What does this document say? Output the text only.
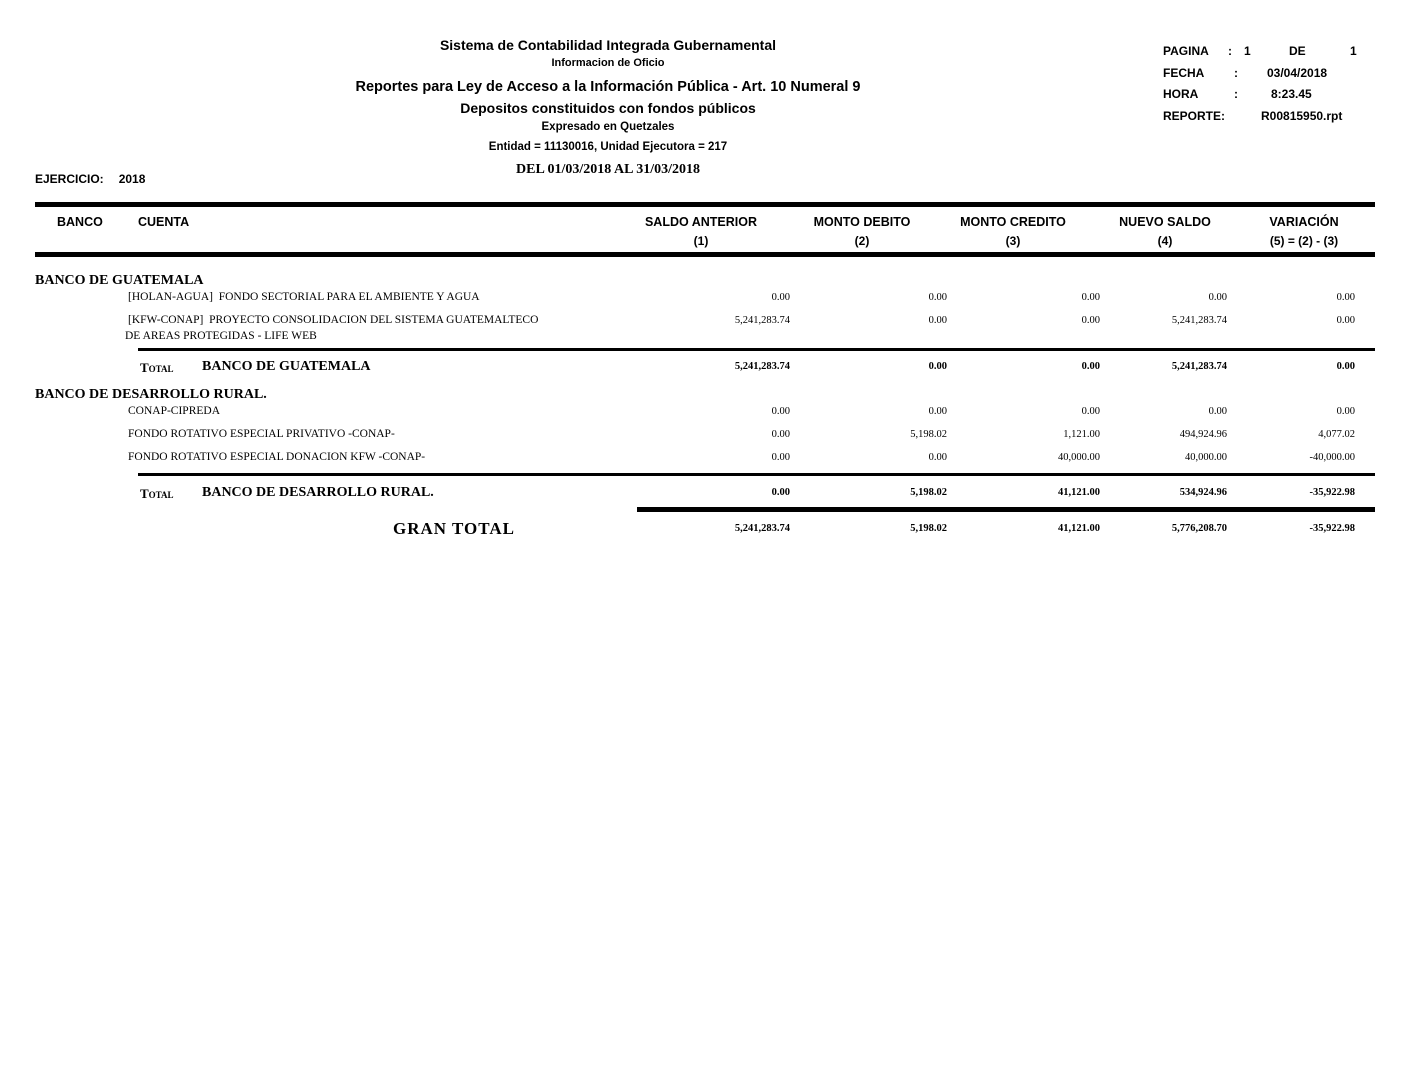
Sistema de Contabilidad Integrada Gubernamental
Informacion de Oficio
Reportes para Ley de Acceso a la Información Pública - Art. 10 Numeral 9
Depositos constituidos con fondos públicos
Expresado en Quetzales
Entidad = 11130016, Unidad Ejecutora = 217
DEL 01/03/2018 AL 31/03/2018
PAGINA : 1	DE	1
FECHA : 03/04/2018
HORA	:	8:23.45
REPORTE:	R00815950.rpt
EJERCICIO: 2018
BANCO	CUENTA	SALDO ANTERIOR	MONTO DEBITO	MONTO CREDITO	NUEVO SALDO	VARIACIÓN
(1)	(2)	(3)	(4)	(5) = (2) - (3)
BANCO DE GUATEMALA
[HOLAN-AGUA]  FONDO SECTORIAL PARA EL AMBIENTE Y AGUA	0.00	0.00	0.00	0.00	0.00
[KFW-CONAP]  PROYECTO CONSOLIDACION DEL SISTEMA GUATEMALTECO
DE AREAS PROTEGIDAS - LIFE WEB
5,241,283.74	0.00	0.00	5,241,283.74	0.00
Total BANCO DE GUATEMALA	5,241,283.74	0.00	0.00	5,241,283.74	0.00
BANCO DE DESARROLLO RURAL.
CONAP-CIPREDA	0.00	0.00	0.00	0.00	0.00
FONDO ROTATIVO ESPECIAL PRIVATIVO -CONAP-	0.00	5,198.02	1,121.00	494,924.96	4,077.02
FONDO ROTATIVO ESPECIAL DONACION KFW -CONAP-	0.00	0.00	40,000.00	40,000.00	-40,000.00
Total BANCO DE DESARROLLO RURAL.	0.00	5,198.02	41,121.00	534,924.96	-35,922.98
GRAN TOTAL	5,241,283.74	5,198.02	41,121.00	5,776,208.70	-35,922.98
